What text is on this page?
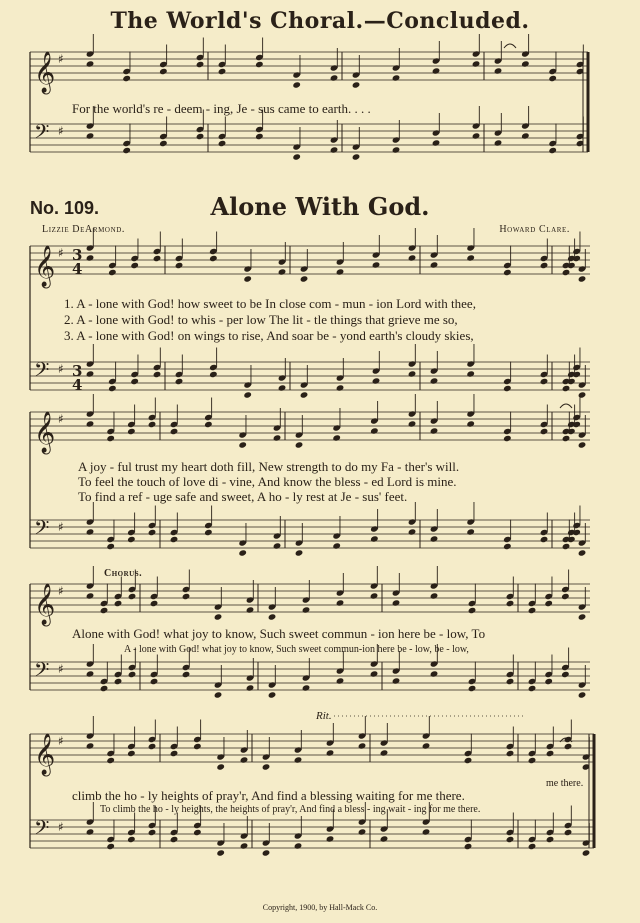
The World's Choral.—Concluded.
No. 109.	Alone With God.
Lizzie DeArmond.	Howard Clare.
𝄞 ♯
𝄢 ♯
𝄞 ♯
𝄢 ♯
𝄞 ♯
𝄢 ♯
𝄞 ♯
𝄢 ♯
𝄞 ♯
𝄢 ♯
3
4
3
4
For the world's re - deem - ing, Je - sus came to earth. . . .
1. A - lone with God! how sweet to be In close com - mun - ion Lord with thee,
2. A - lone with God! to whis - per low The lit - tle things that grieve me so,
3. A - lone with God! on wings to rise, And soar be - yond earth's cloudy skies,
A joy - ful trust my heart doth fill, New strength to do my Fa - ther's will.
To feel the touch of love di - vine, And know the bless - ed Lord is mine.
To find a ref - uge safe and sweet, A ho - ly rest at Je - sus' feet.
Chorus.
Alone with God! what joy to know, Such sweet commun - ion here be - low, To
A - lone with God! what joy to know, Such sweet commun-ion here be - low, be - low,
Rit.
me there.
climb the ho - ly heights of pray'r, And find a blessing waiting for me there.
To climb the ho - ly heights, the heights of pray'r, And find a bless - ing wait - ing for me there.
Copyright, 1900, by Hall-Mack Co.
